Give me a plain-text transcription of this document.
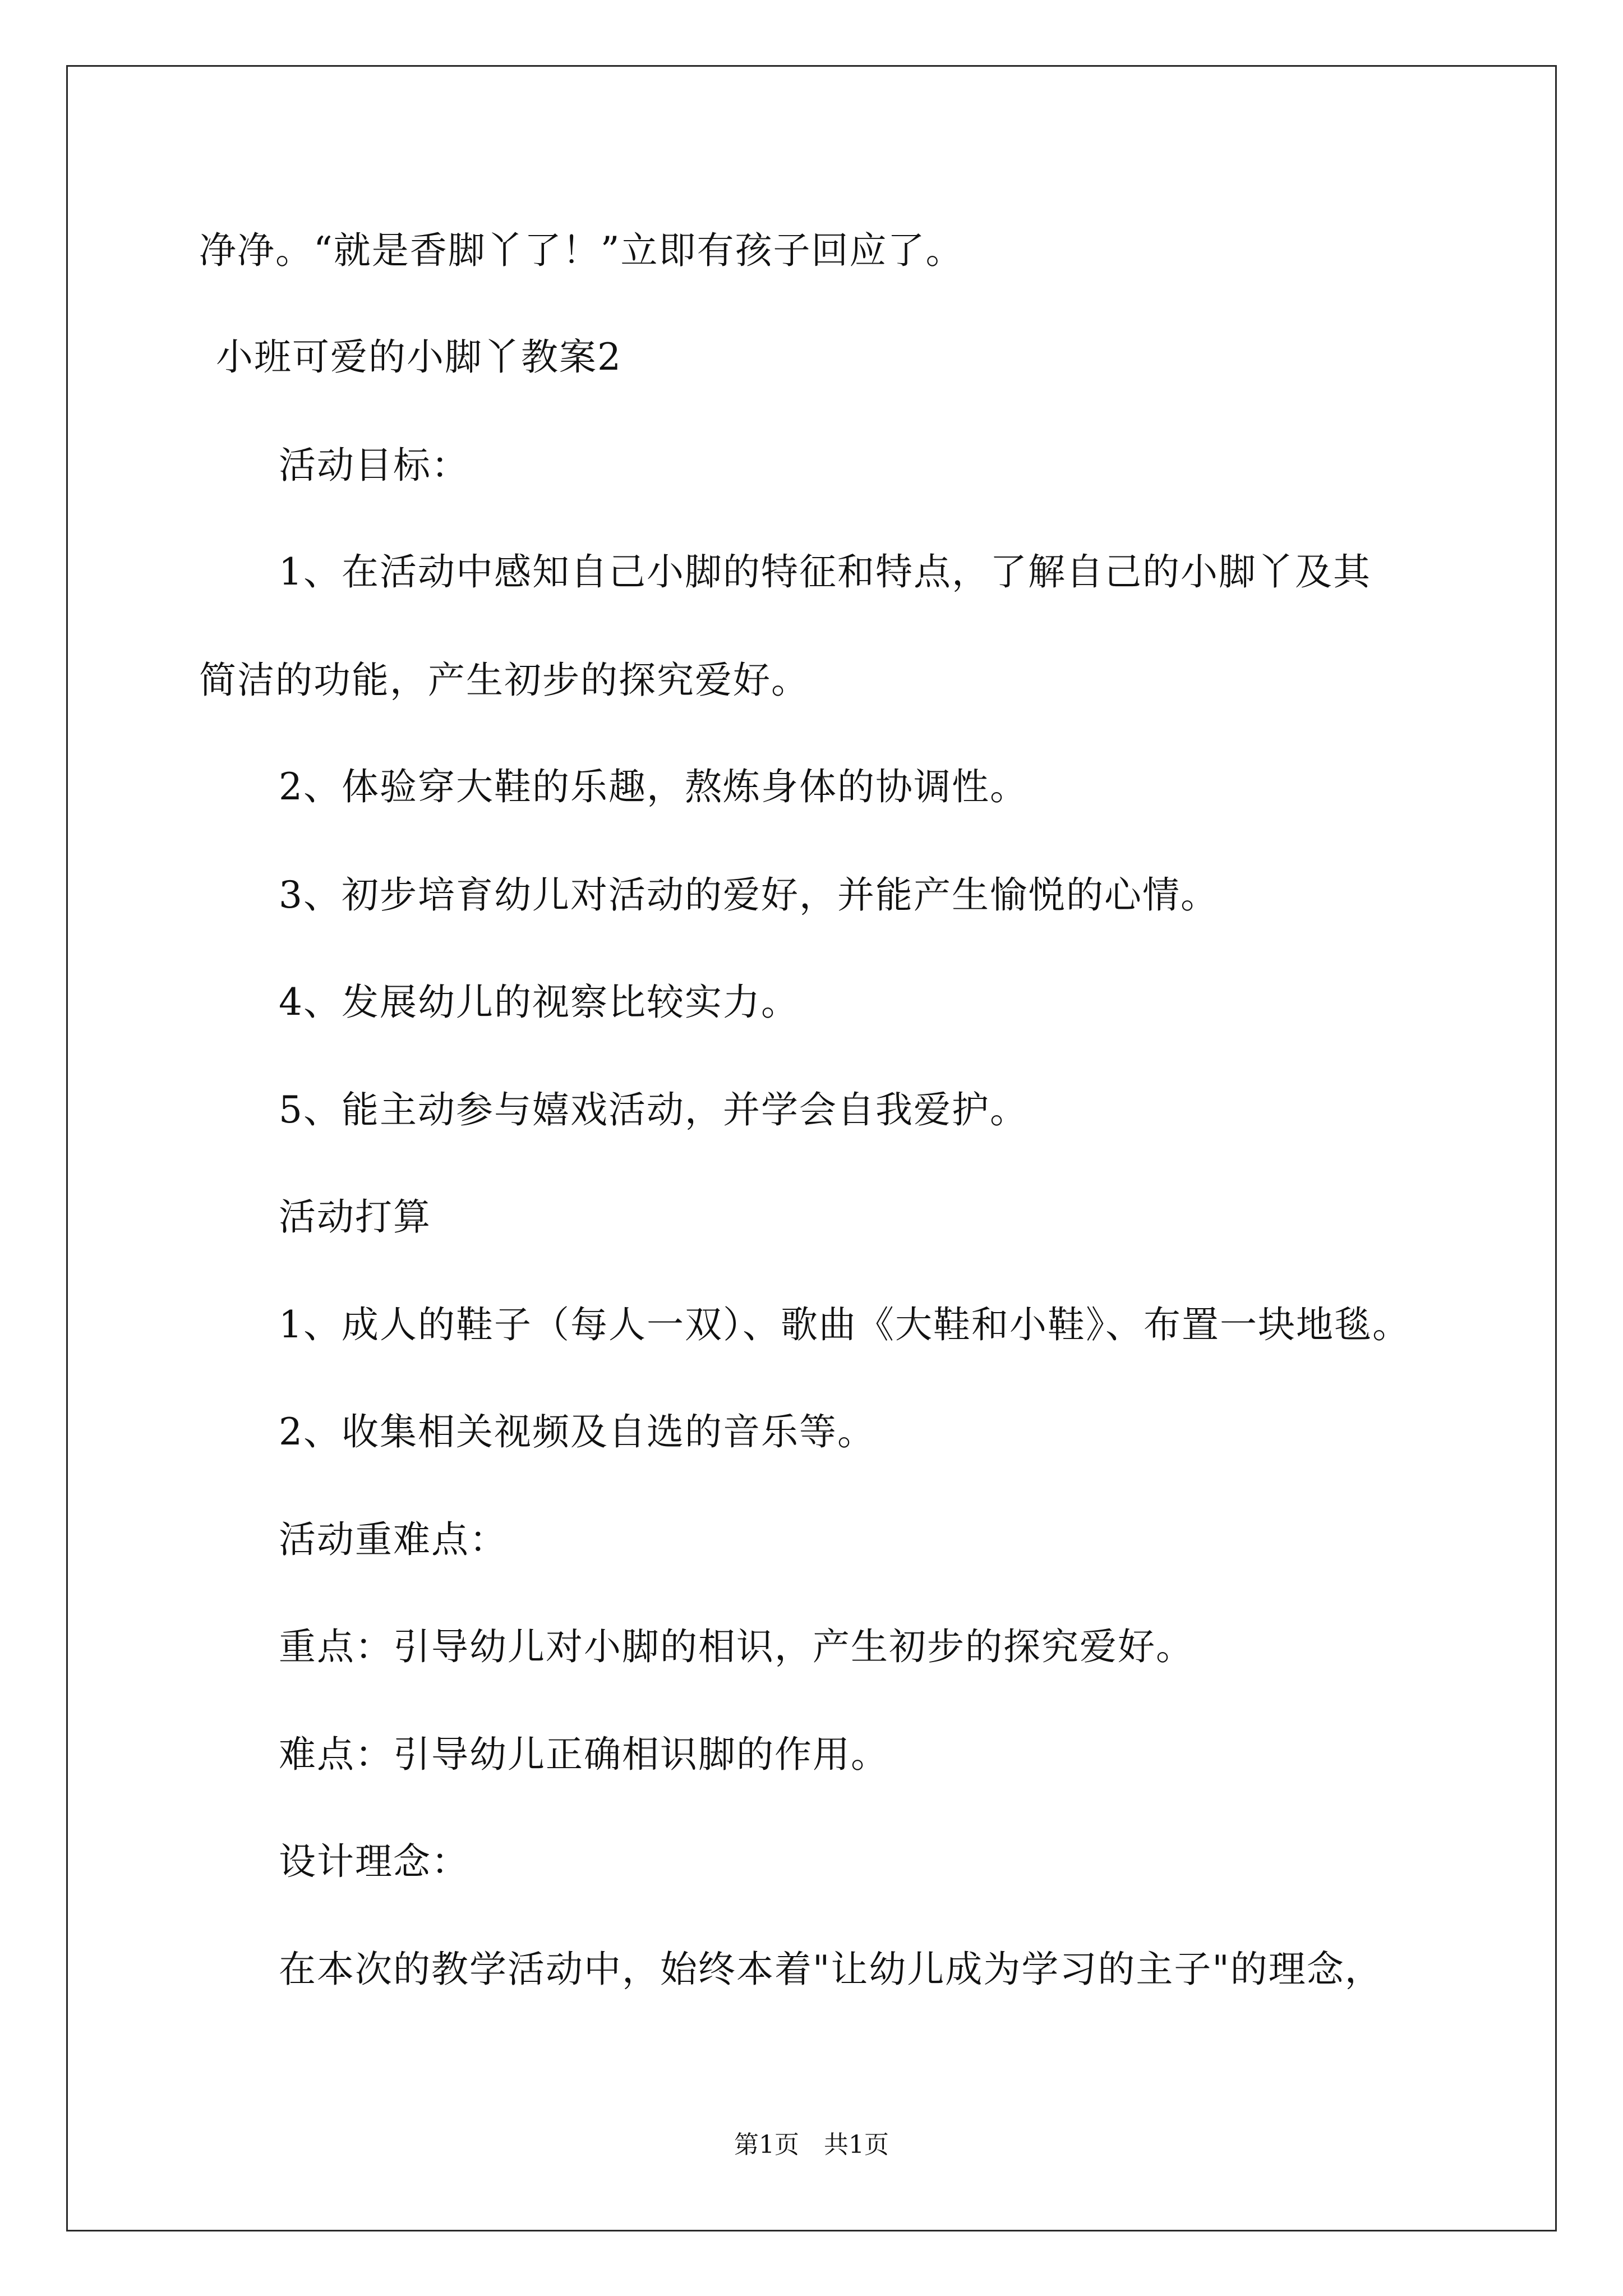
净净。“就是香脚丫了！”立即有孩子回应了。
小班可爱的小脚丫教案2
活动目标：
1、在活动中感知自己小脚的特征和特点，了解自己的小脚丫及其
简洁的功能，产生初步的探究爱好。
2、体验穿大鞋的乐趣，熬炼身体的协调性。
3、初步培育幼儿对活动的爱好，并能产生愉悦的心情。
4、发展幼儿的视察比较实力。
5、能主动参与嬉戏活动，并学会自我爱护。
活动打算
1、成人的鞋子（每人一双）、歌曲《大鞋和小鞋》、布置一块地毯。
2、收集相关视频及自选的音乐等。
活动重难点：
重点：引导幼儿对小脚的相识，产生初步的探究爱好。
难点：引导幼儿正确相识脚的作用。
设计理念：
在本次的教学活动中，始终本着"让幼儿成为学习的主子"的理念，
第1页　共1页
